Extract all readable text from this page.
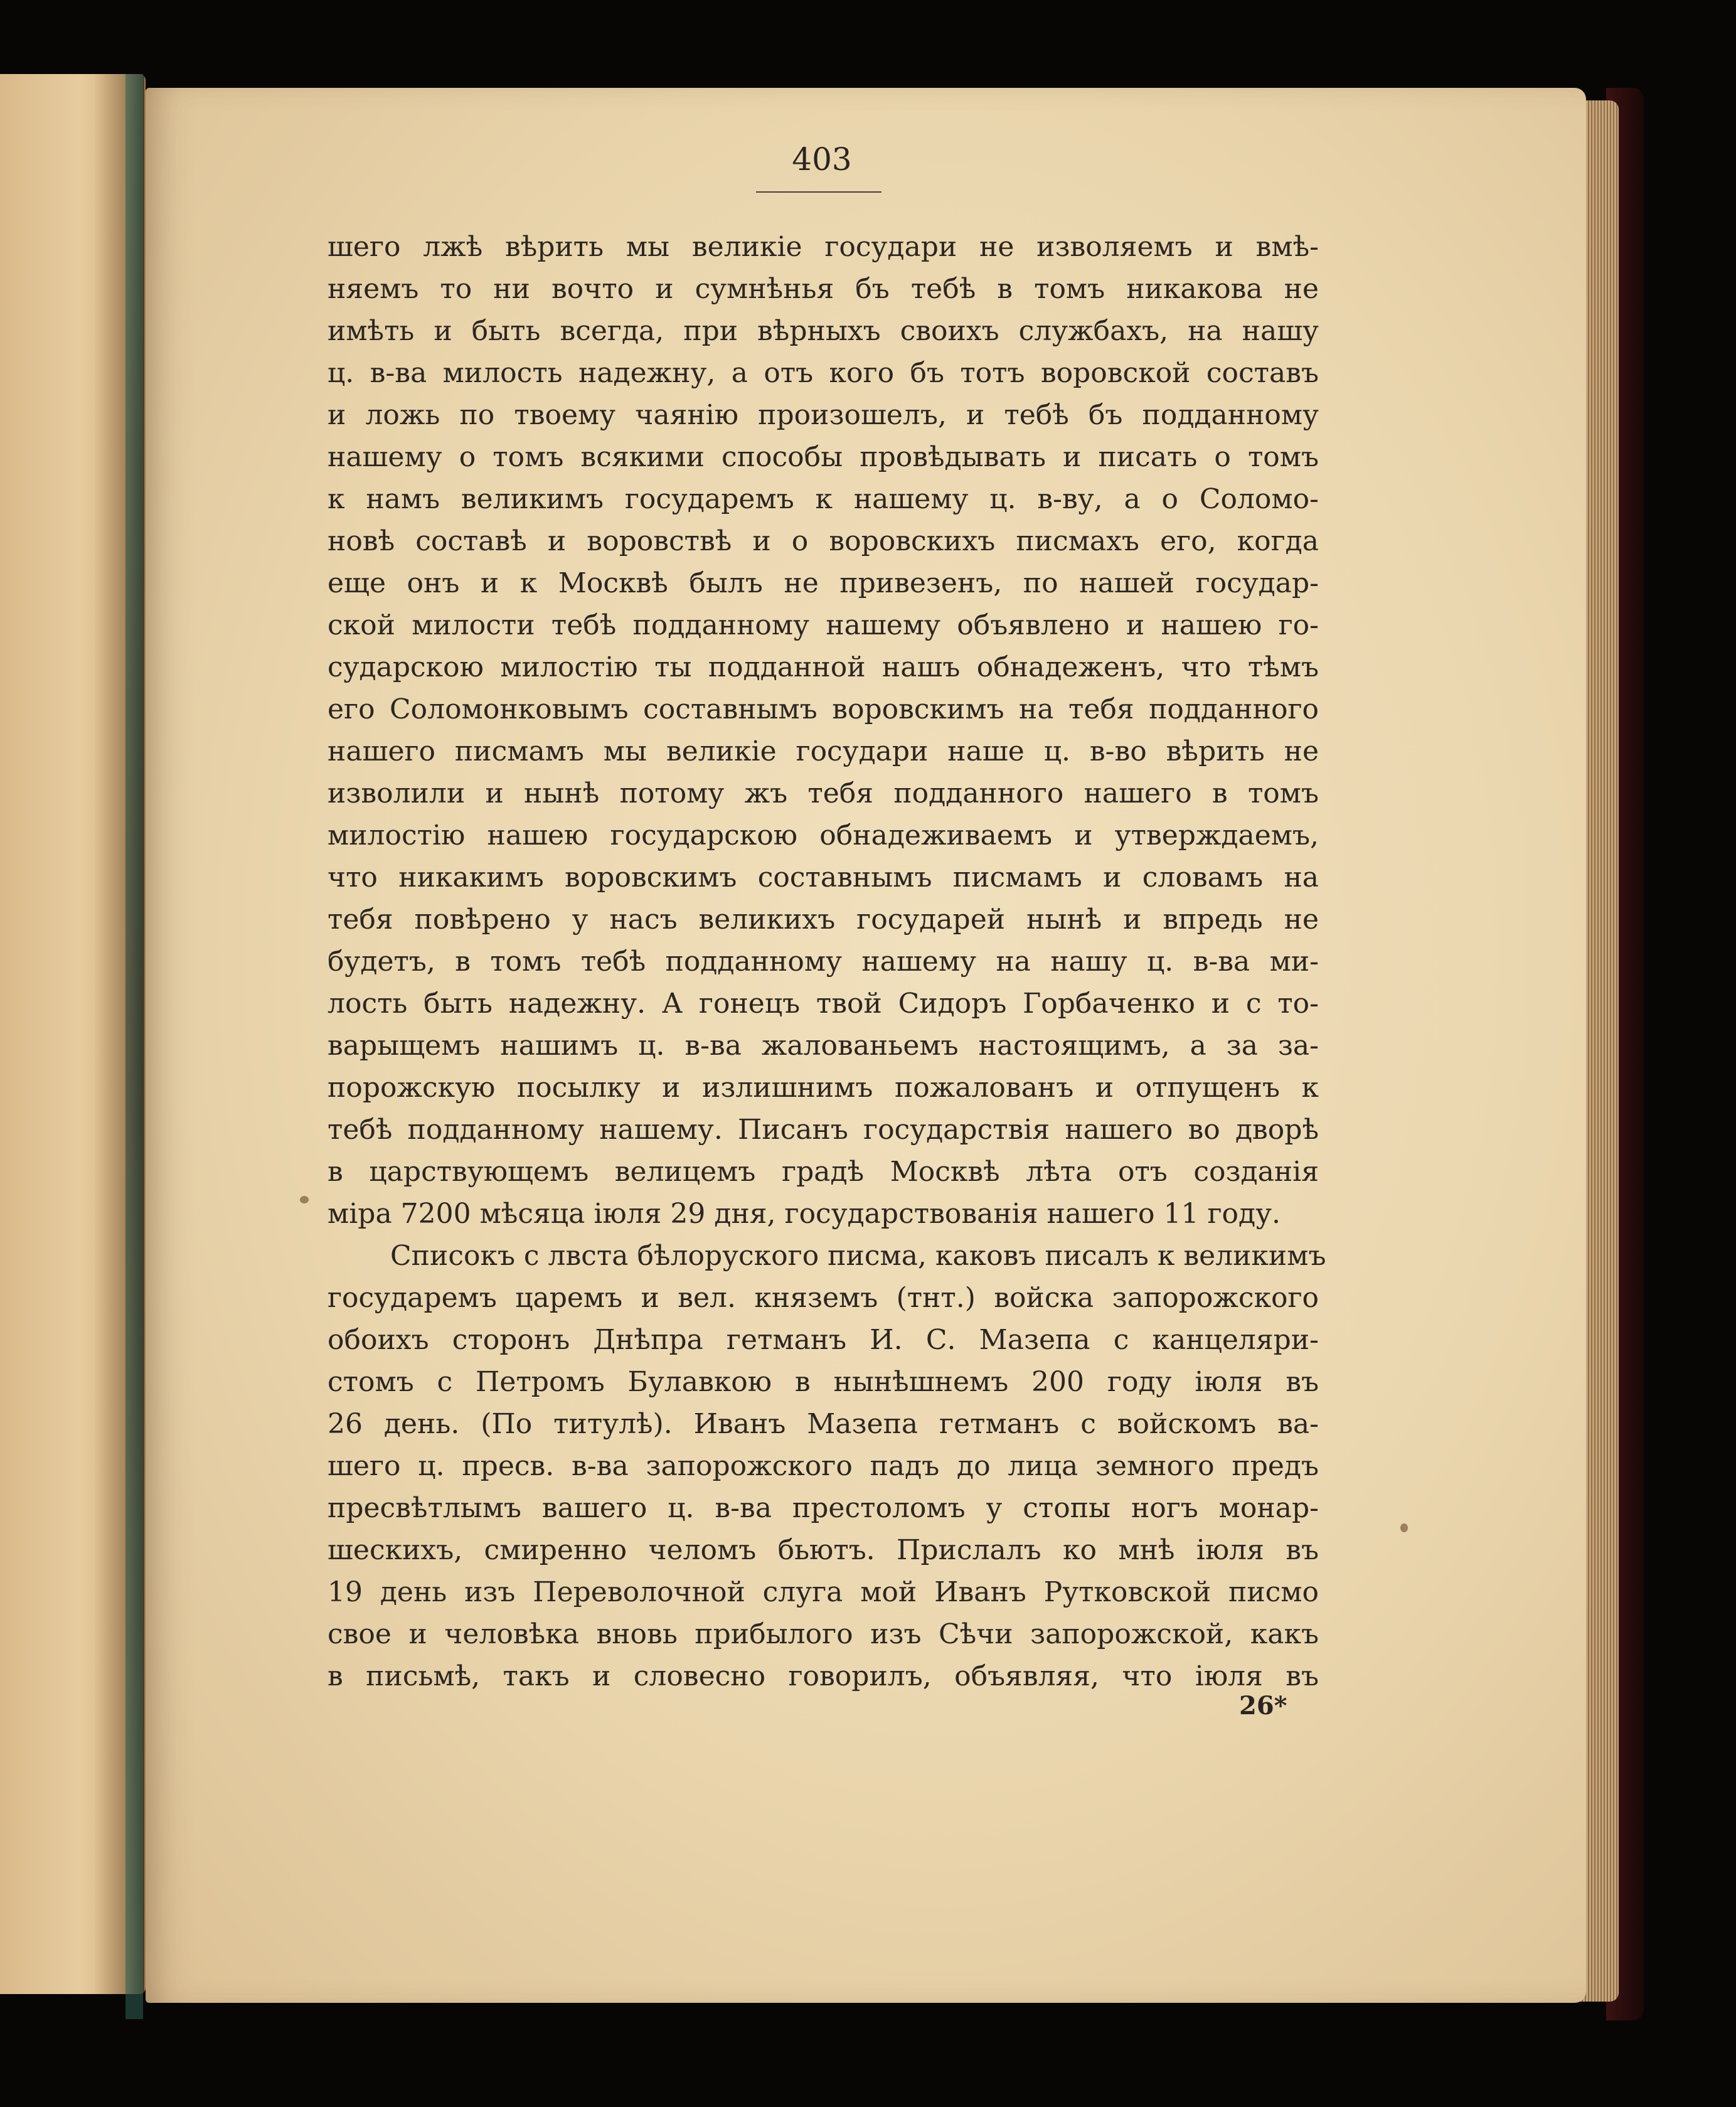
403
шего лжѣ вѣрить мы великіе государи не изволяемъ и вмѣ-
няемъ то ни вочто и сумнѣнья бъ тебѣ в томъ никакова не
имѣть и быть всегда, при вѣрныхъ своихъ службахъ, на нашу
ц. в-ва милость надежну, а отъ кого бъ тотъ воровской составъ
и ложь по твоему чаянію произошелъ, и тебѣ бъ подданному
нашему о томъ всякими способы провѣдывать и писать о томъ
к намъ великимъ государемъ к нашему ц. в-ву, а о Соломо-
новѣ составѣ и воровствѣ и о воровскихъ писмахъ его, когда
еще онъ и к Москвѣ былъ не привезенъ, по нашей государ-
ской милости тебѣ подданному нашему объявлено и нашею го-
сударскою милостію ты подданной нашъ обнадеженъ, что тѣмъ
его Соломонковымъ составнымъ воровскимъ на тебя подданного
нашего писмамъ мы великіе государи наше ц. в-во вѣрить не
изволили и нынѣ потому жъ тебя подданного нашего в томъ
милостію нашею государскою обнадеживаемъ и утверждаемъ,
что никакимъ воровскимъ составнымъ писмамъ и словамъ на
тебя повѣрено у насъ великихъ государей нынѣ и впредь не
будетъ, в томъ тебѣ подданному нашему на нашу ц. в-ва ми-
лость быть надежну. А гонецъ твой Сидоръ Горбаченко и с то-
варыщемъ нашимъ ц. в-ва жалованьемъ настоящимъ, а за за-
порожскую посылку и излишнимъ пожалованъ и отпущенъ к
тебѣ подданному нашему. Писанъ государствія нашего во дворѣ
в царствующемъ велицемъ градѣ Москвѣ лѣта отъ созданія
міра 7200 мѣсяца іюля 29 дня, государствованія нашего 11 году.
Списокъ с лвста бѣлоруского писма, каковъ писалъ к великимъ
государемъ царемъ и вел. княземъ (тнт.) войска запорожского
обоихъ сторонъ Днѣпра гетманъ И. С. Мазепа с канцеляри-
стомъ с Петромъ Булавкою в нынѣшнемъ 200 году іюля въ
26 день. (По титулѣ). Иванъ Мазепа гетманъ с войскомъ ва-
шего ц. пресв. в-ва запорожского падъ до лица земного предъ
пресвѣтлымъ вашего ц. в-ва престоломъ у стопы ногъ монар-
шескихъ, смиренно челомъ бьютъ. Прислалъ ко мнѣ іюля въ
19 день изъ Переволочной слуга мой Иванъ Рутковской писмо
свое и человѣка вновь прибылого изъ Сѣчи запорожской, какъ
в письмѣ, такъ и словесно говорилъ, объявляя, что іюля въ
26*
